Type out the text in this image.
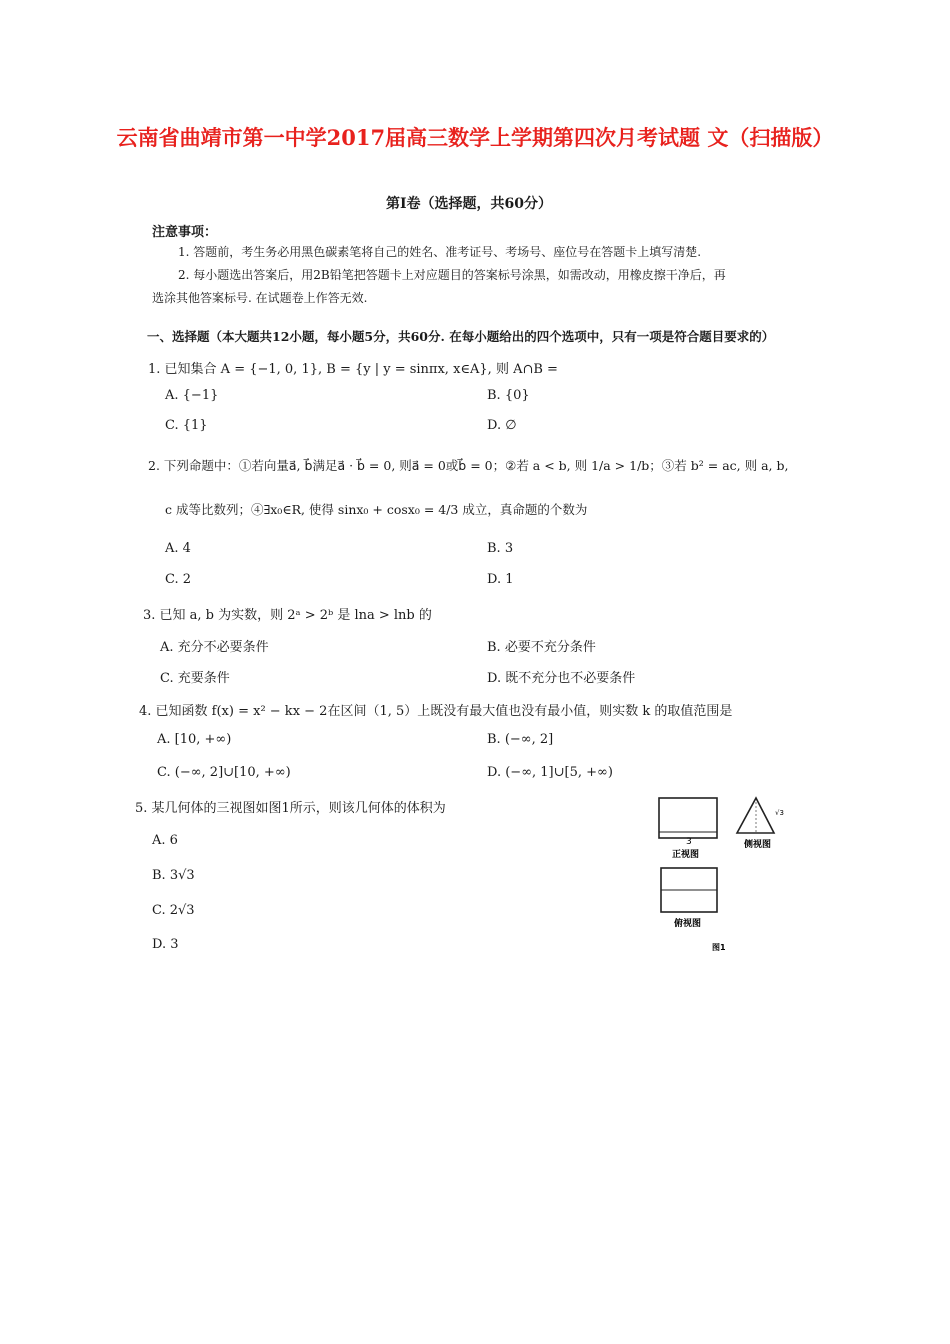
云南省曲靖市第一中学2017届高三数学上学期第四次月考试题 文（扫描版）
第Ⅰ卷（选择题，共60分）
注意事项：
1. 答题前，考生务必用黑色碳素笔将自己的姓名、准考证号、考场号、座位号在答题卡上填写清楚.
2. 每小题选出答案后，用2B铅笔把答题卡上对应题目的答案标号涂黑，如需改动，用橡皮擦干净后，再
选涂其他答案标号. 在试题卷上作答无效.
一、选择题（本大题共12小题，每小题5分，共60分. 在每小题给出的四个选项中，只有一项是符合题目要求的）
1. 已知集合 A = {−1, 0, 1}, B = {y | y = sinπx, x∈A}, 则 A∩B =
A. {−1}	B. {0}
C. {1}	D. ∅
2. 下列命题中：①若向量a⃗, b⃗满足a⃗ · b⃗ = 0, 则a⃗ = 0或b⃗ = 0；②若 a < b, 则 1/a > 1/b；③若 b² = ac, 则 a, b,
c 成等比数列；④∃x₀∈R, 使得 sinx₀ + cosx₀ = 4/3 成立，真命题的个数为
A. 4	B. 3
C. 2	D. 1
3. 已知 a, b 为实数，则 2ᵃ > 2ᵇ 是 lna > lnb 的
A. 充分不必要条件	B. 必要不充分条件
C. 充要条件	D. 既不充分也不必要条件
4. 已知函数 f(x) = x² − kx − 2在区间（1, 5）上既没有最大值也没有最小值，则实数 k 的取值范围是
A. [10, +∞)	B. (−∞, 2]
C. (−∞, 2]∪[10, +∞)	D. (−∞, 1]∪[5, +∞)
5. 某几何体的三视图如图1所示，则该几何体的体积为
A. 6
B. 3√3
C. 2√3
D. 3
3
正视图
√3
侧视图
俯视图
图1
